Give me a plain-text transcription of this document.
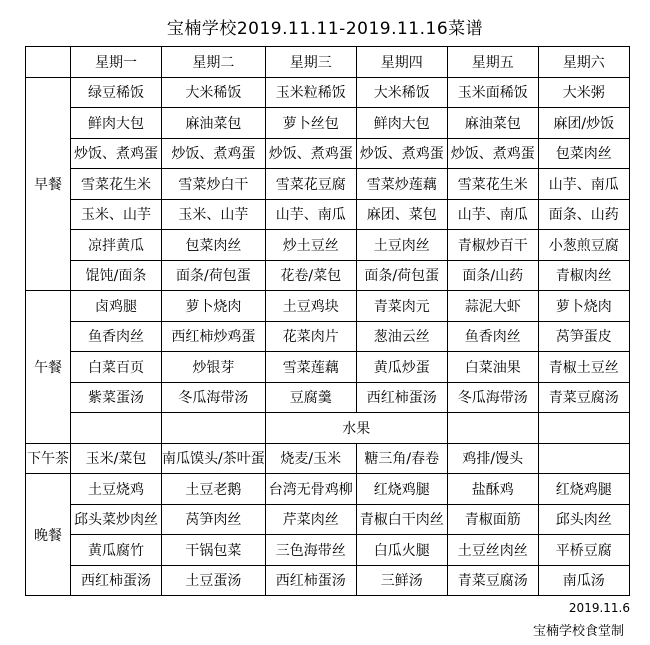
宝楠学校2019.11.11-2019.11.16菜谱
	星期一	星期二	星期三	星期四	星期五	星期六
早餐	绿豆稀饭	大米稀饭	玉米粒稀饭	大米稀饭	玉米面稀饭	大米粥
	鲜肉大包	麻油菜包	萝卜丝包	鲜肉大包	麻油菜包	麻团/炒饭
	炒饭、煮鸡蛋	炒饭、煮鸡蛋	炒饭、煮鸡蛋	炒饭、煮鸡蛋	炒饭、煮鸡蛋	包菜肉丝
	雪菜花生米	雪菜炒白干	雪菜花豆腐	雪菜炒莲藕	雪菜花生米	山芋、南瓜
	玉米、山芋	玉米、山芋	山芋、南瓜	麻团、菜包	山芋、南瓜	面条、山药
	凉拌黄瓜	包菜肉丝	炒土豆丝	土豆肉丝	青椒炒百干	小葱煎豆腐
	馄饨/面条	面条/荷包蛋	花卷/菜包	面条/荷包蛋	面条/山药	青椒肉丝
午餐	卤鸡腿	萝卜烧肉	土豆鸡块	青菜肉元	蒜泥大虾	萝卜烧肉
	鱼香肉丝	西红柿炒鸡蛋	花菜肉片	葱油云丝	鱼香肉丝	莴笋蛋皮
	白菜百页	炒银芽	雪菜莲藕	黄瓜炒蛋	白菜油果	青椒土豆丝
	紫菜蛋汤	冬瓜海带汤	豆腐羹	西红柿蛋汤	冬瓜海带汤	青菜豆腐汤
			水果			
下午茶	玉米/菜包	南瓜馍头/茶叶蛋	烧麦/玉米	糖三角/春卷	鸡排/馒头	
晚餐	土豆烧鸡	土豆老鹅	台湾无骨鸡柳	红烧鸡腿	盐酥鸡	红烧鸡腿
	邱头菜炒肉丝	莴笋肉丝	芹菜肉丝	青椒白干肉丝	青椒面筋	邱头肉丝
	黄瓜腐竹	干锅包菜	三色海带丝	白瓜火腿	土豆丝肉丝	平桥豆腐
	西红柿蛋汤	土豆蛋汤	西红柿蛋汤	三鲜汤	青菜豆腐汤	南瓜汤
2019.11.6
宝楠学校食堂制
